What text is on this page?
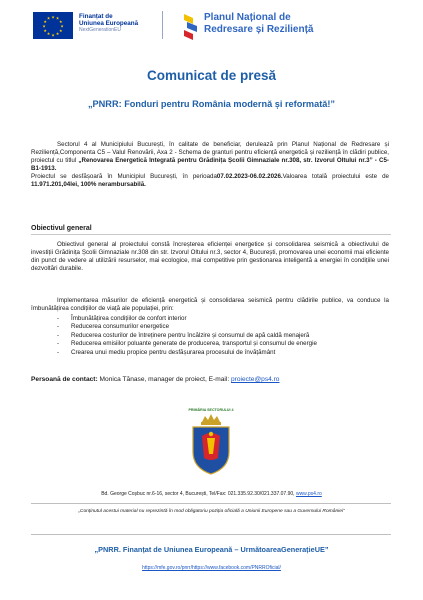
★ ★
★
★
★
★
★
★
★
★
★
★	Finanțat de
Uniunea Europeană
NextGenerationEU
Planul Național de
Redresare și Reziliență
Comunicat de presă
„PNRR: Fonduri pentru România modernă și reformată!”
Sectorul 4 al Municipiului București, în calitate de beneficiar, derulează prin Planul Național de Redresare și Reziliență,Componenta C5 – Valul Renovării, Axa 2 - Schema de granturi pentru eficiență energetică și reziliență în clădiri publice, proiectul cu titlul „Renovarea Energetică Integrată pentru Grădinița Școlii Gimnaziale nr.308, str. Izvorul Oltului nr.3” - C5-B1-1913.
Proiectul se desfășoară în Municipiul București, în perioada07.02.2023-06.02.2026.Valoarea totală proiectului este de 11.971.201,04lei, 100% nerambursabilă.
Obiectivul general
Obiectivul general al proiectului constă încreșterea eficienței energetice și consolidarea seismică a obiectivului de investiții Grădinița Școlii Gimnaziale nr.308 din str. Izvorul Oltului nr.3, sector 4, București, promovarea unei economii mai eficiente din punct de vedere al utilizării resurselor, mai ecologice, mai competitive prin gestionarea inteligentă a energiei în condițiile unei dezvoltări durabile.
Implementarea măsurilor de eficiență energetică și consolidarea seismică pentru clădirile publice, va conduce la îmbunătățirea condițiilor de viață ale populației, prin:
-	Îmbunătățirea condițiilor de confort interior
-	Reducerea consumurilor energetice
-	Reducerea costurilor de întreținere pentru încălzire și consumul de apă caldă menajeră
-	Reducerea emisiilor poluante generate de producerea, transportul și consumul de energie
-	Crearea unui mediu propice pentru desfășurarea procesului de învățământ
Persoană de contact: Monica Tănase, manager de proiect, E-mail: proiecte@ps4.ro
PRIMĂRIA SECTORULUI 4
Bd. George Coșbuc nr.6-16, sector 4, București, Tel/Fax: 021.335.92.30/021.337.07.90, www.ps4.ro
„Conținutul acestui material nu reprezintă în mod obligatoriu poziția oficială a Uniunii Europene sau a Guvernului României”
„PNRR. Finanțat de Uniunea Europeană – UrmătoareaGenerațieUE”
https://mfe.gov.ro/pnrr/https://www.facebook.com/PNRROficial/
